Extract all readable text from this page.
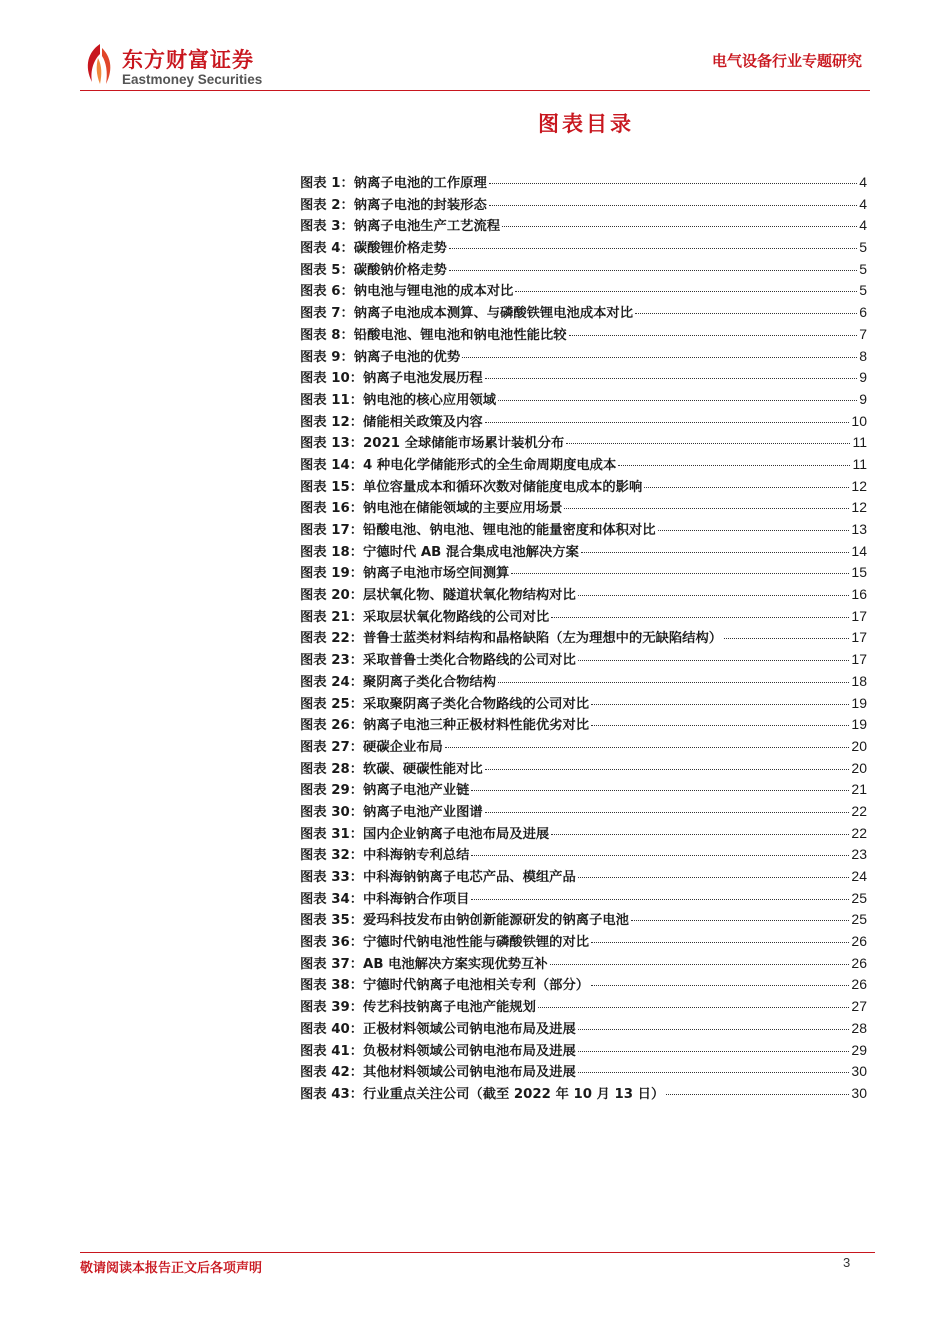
东方财富证券
Eastmoney Securities
电气设备行业专题研究
图表目录
图表 1： 钠离子电池的工作原理	4
图表 2： 钠离子电池的封装形态	4
图表 3： 钠离子电池生产工艺流程	4
图表 4： 碳酸锂价格走势	5
图表 5： 碳酸钠价格走势	5
图表 6： 钠电池与锂电池的成本对比	5
图表 7： 钠离子电池成本测算、与磷酸铁锂电池成本对比	6
图表 8： 铅酸电池、锂电池和钠电池性能比较	7
图表 9： 钠离子电池的优势	8
图表 10： 钠离子电池发展历程	9
图表 11： 钠电池的核心应用领域	9
图表 12： 储能相关政策及内容	10
图表 13： 2021 全球储能市场累计装机分布	11
图表 14： 4 种电化学储能形式的全生命周期度电成本	11
图表 15： 单位容量成本和循环次数对储能度电成本的影响	12
图表 16： 钠电池在储能领域的主要应用场景	12
图表 17： 铅酸电池、钠电池、锂电池的能量密度和体积对比	13
图表 18： 宁德时代 AB 混合集成电池解决方案	14
图表 19： 钠离子电池市场空间测算	15
图表 20： 层状氧化物、隧道状氧化物结构对比	16
图表 21： 采取层状氧化物路线的公司对比	17
图表 22： 普鲁士蓝类材料结构和晶格缺陷（左为理想中的无缺陷结构）	17
图表 23： 采取普鲁士类化合物路线的公司对比	17
图表 24： 聚阴离子类化合物结构	18
图表 25： 采取聚阴离子类化合物路线的公司对比	19
图表 26： 钠离子电池三种正极材料性能优劣对比	19
图表 27： 硬碳企业布局	20
图表 28： 软碳、硬碳性能对比	20
图表 29： 钠离子电池产业链	21
图表 30： 钠离子电池产业图谱	22
图表 31： 国内企业钠离子电池布局及进展	22
图表 32： 中科海钠专利总结	23
图表 33： 中科海钠钠离子电芯产品、模组产品	24
图表 34： 中科海钠合作项目	25
图表 35： 爱玛科技发布由钠创新能源研发的钠离子电池	25
图表 36： 宁德时代钠电池性能与磷酸铁锂的对比	26
图表 37： AB 电池解决方案实现优势互补	26
图表 38： 宁德时代钠离子电池相关专利（部分）	26
图表 39： 传艺科技钠离子电池产能规划	27
图表 40： 正极材料领域公司钠电池布局及进展	28
图表 41： 负极材料领域公司钠电池布局及进展	29
图表 42： 其他材料领域公司钠电池布局及进展	30
图表 43： 行业重点关注公司（截至 2022 年 10 月 13 日）	30
敬请阅读本报告正文后各项声明	3
